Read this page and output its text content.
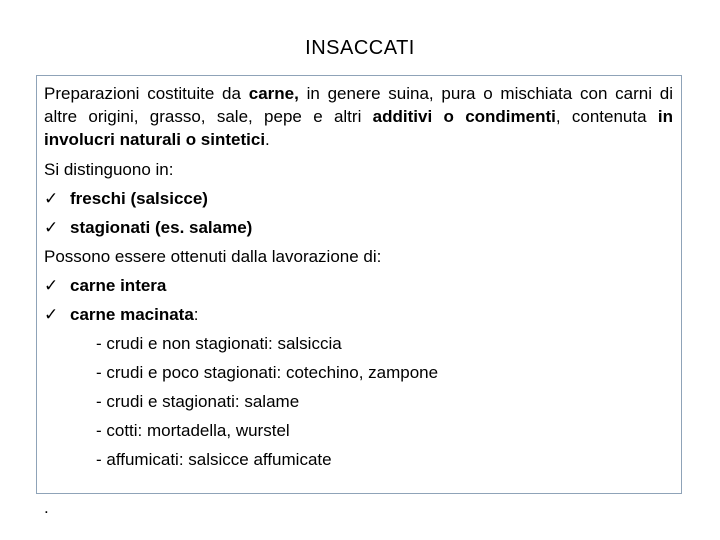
INSACCATI
Preparazioni costituite da carne, in genere suina, pura o mischiata con carni di altre origini, grasso, sale, pepe e altri additivi o condimenti, contenuta in involucri naturali o sintetici.
Si distinguono in:
✓ freschi (salsicce)
✓ stagionati (es. salame)
Possono essere ottenuti dalla lavorazione di:
✓ carne intera
✓ carne macinata:
- crudi e non stagionati: salsiccia
- crudi e poco stagionati: cotechino, zampone
- crudi e stagionati: salame
- cotti: mortadella, wurstel
- affumicati: salsicce affumicate
.
